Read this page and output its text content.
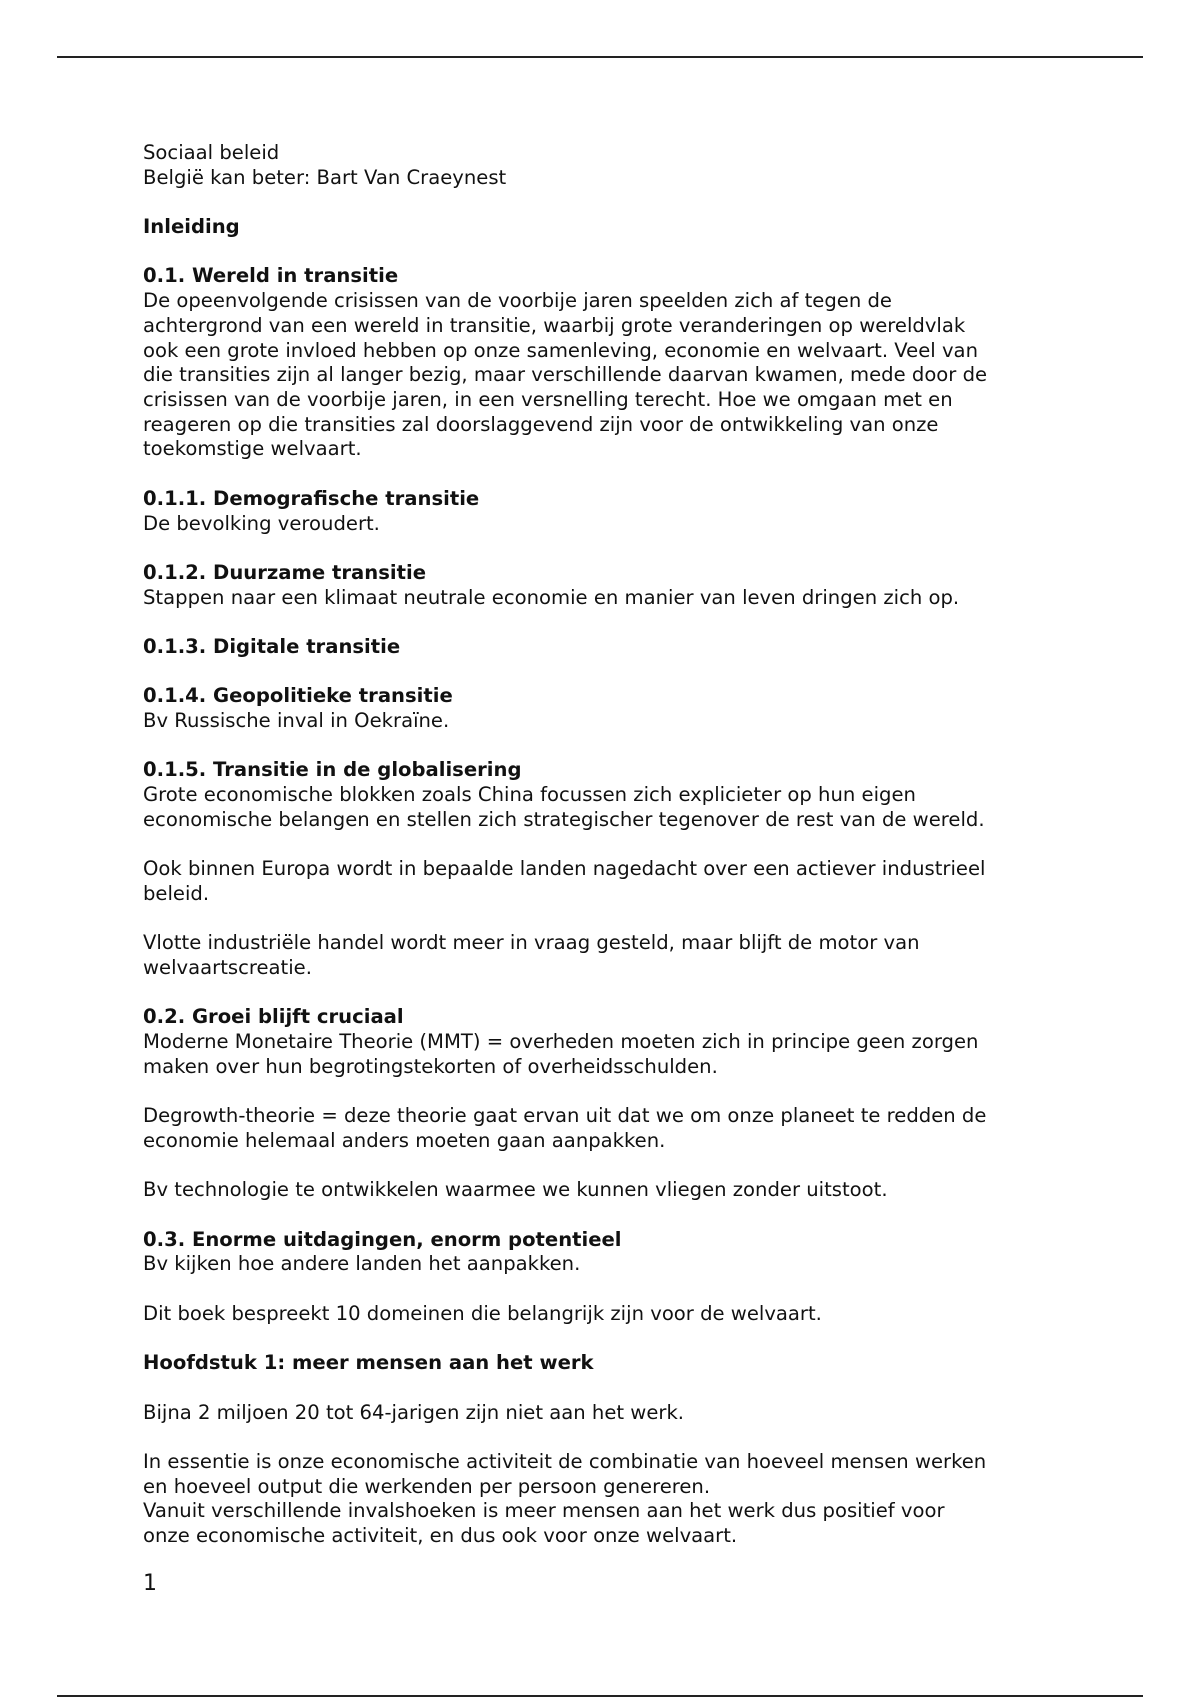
Sociaal beleid
België kan beter: Bart Van Craeynest
Inleiding
0.1. Wereld in transitie
De opeenvolgende crisissen van de voorbije jaren speelden zich af tegen de
achtergrond van een wereld in transitie, waarbij grote veranderingen op wereldvlak
ook een grote invloed hebben op onze samenleving, economie en welvaart. Veel van
die transities zijn al langer bezig, maar verschillende daarvan kwamen, mede door de
crisissen van de voorbije jaren, in een versnelling terecht. Hoe we omgaan met en
reageren op die transities zal doorslaggevend zijn voor de ontwikkeling van onze
toekomstige welvaart.
0.1.1. Demografische transitie
De bevolking veroudert.
0.1.2. Duurzame transitie
Stappen naar een klimaat neutrale economie en manier van leven dringen zich op.
0.1.3. Digitale transitie
0.1.4. Geopolitieke transitie
Bv Russische inval in Oekraïne.
0.1.5. Transitie in de globalisering
Grote economische blokken zoals China focussen zich explicieter op hun eigen
economische belangen en stellen zich strategischer tegenover de rest van de wereld.
Ook binnen Europa wordt in bepaalde landen nagedacht over een actiever industrieel
beleid.
Vlotte industriële handel wordt meer in vraag gesteld, maar blijft de motor van
welvaartscreatie.
0.2. Groei blijft cruciaal
Moderne Monetaire Theorie (MMT) = overheden moeten zich in principe geen zorgen
maken over hun begrotingstekorten of overheidsschulden.
Degrowth-theorie = deze theorie gaat ervan uit dat we om onze planeet te redden de
economie helemaal anders moeten gaan aanpakken.
Bv technologie te ontwikkelen waarmee we kunnen vliegen zonder uitstoot.
0.3. Enorme uitdagingen, enorm potentieel
Bv kijken hoe andere landen het aanpakken.
Dit boek bespreekt 10 domeinen die belangrijk zijn voor de welvaart.
Hoofdstuk 1: meer mensen aan het werk
Bijna 2 miljoen 20 tot 64-jarigen zijn niet aan het werk.
In essentie is onze economische activiteit de combinatie van hoeveel mensen werken
en hoeveel output die werkenden per persoon genereren.
Vanuit verschillende invalshoeken is meer mensen aan het werk dus positief voor
onze economische activiteit, en dus ook voor onze welvaart.
1
